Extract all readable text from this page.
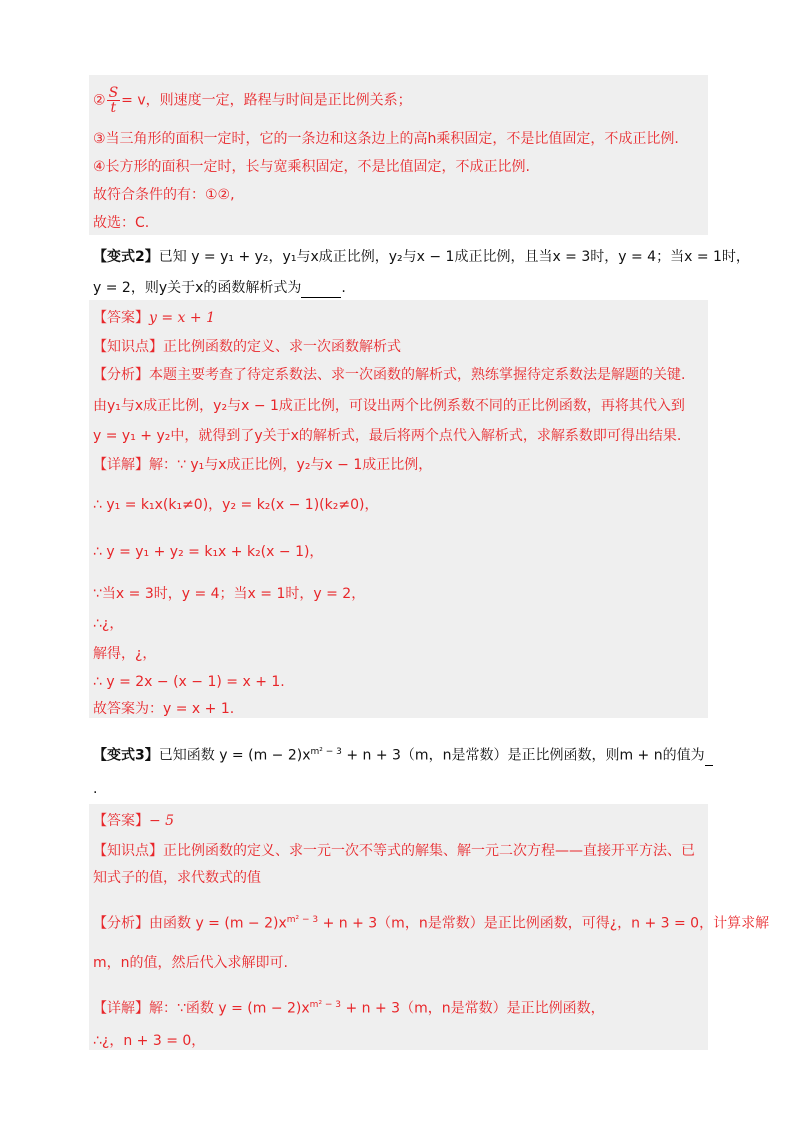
② $\frac{S}{t} = v$，则速度一定，路程与时间是正比例关系；
③当三角形的面积一定时，它的一条边和这条边上的高h乘积固定，不是比值固定，不成正比例.
④长方形的面积一定时，长与宽乘积固定，不是比值固定，不成正比例.
故符合条件的有：①②,
故选：C.
【变式2】已知 y = y₁ + y₂，y₁与x成正比例，y₂与x − 1成正比例，且当x = 3时，y = 4；当x = 1时，
y = 2，则y关于x的函数解析式为	.
【答案】y = x + 1
【知识点】正比例函数的定义、求一次函数解析式
【分析】本题主要考查了待定系数法、求一次函数的解析式，熟练掌握待定系数法是解题的关键.
由y₁与x成正比例，y₂与x − 1成正比例，可设出两个比例系数不同的正比例函数，再将其代入到
y = y₁ + y₂中，就得到了y关于x的解析式，最后将两个点代入解析式，求解系数即可得出结果.
【详解】解：∵ y₁与x成正比例，y₂与x − 1成正比例，
∴ y₁ = k₁x(k₁≠0)，y₂ = k₂(x − 1)(k₂≠0)，
∴ y = y₁ + y₂ = k₁x + k₂(x − 1)，
∵当x = 3时，y = 4；当x = 1时，y = 2，
∴¿，
解得，¿，
∴ y = 2x − (x − 1) = x + 1.
故答案为：y = x + 1.
【变式3】已知函数 $y = (m - 2)x^{m^2 - 3} + n + 3(m$，n是常数）是正比例函数，则m + n的值为
.
【答案】− 5
【知识点】正比例函数的定义、求一元一次不等式的解集、解一元二次方程——直接开平方法、已
知式子的值，求代数式的值
【分析】由函数 $y = (m - 2)x^{m^2 - 3} + n + 3(m$，n是常数）是正比例函数，可得¿，n + 3 = 0，计算求解
m，n的值，然后代入求解即可.
【详解】解：∵函数 $y = (m - 2)x^{m^2 - 3} + n + 3(m$，n是常数）是正比例函数，
∴¿，n + 3 = 0，
